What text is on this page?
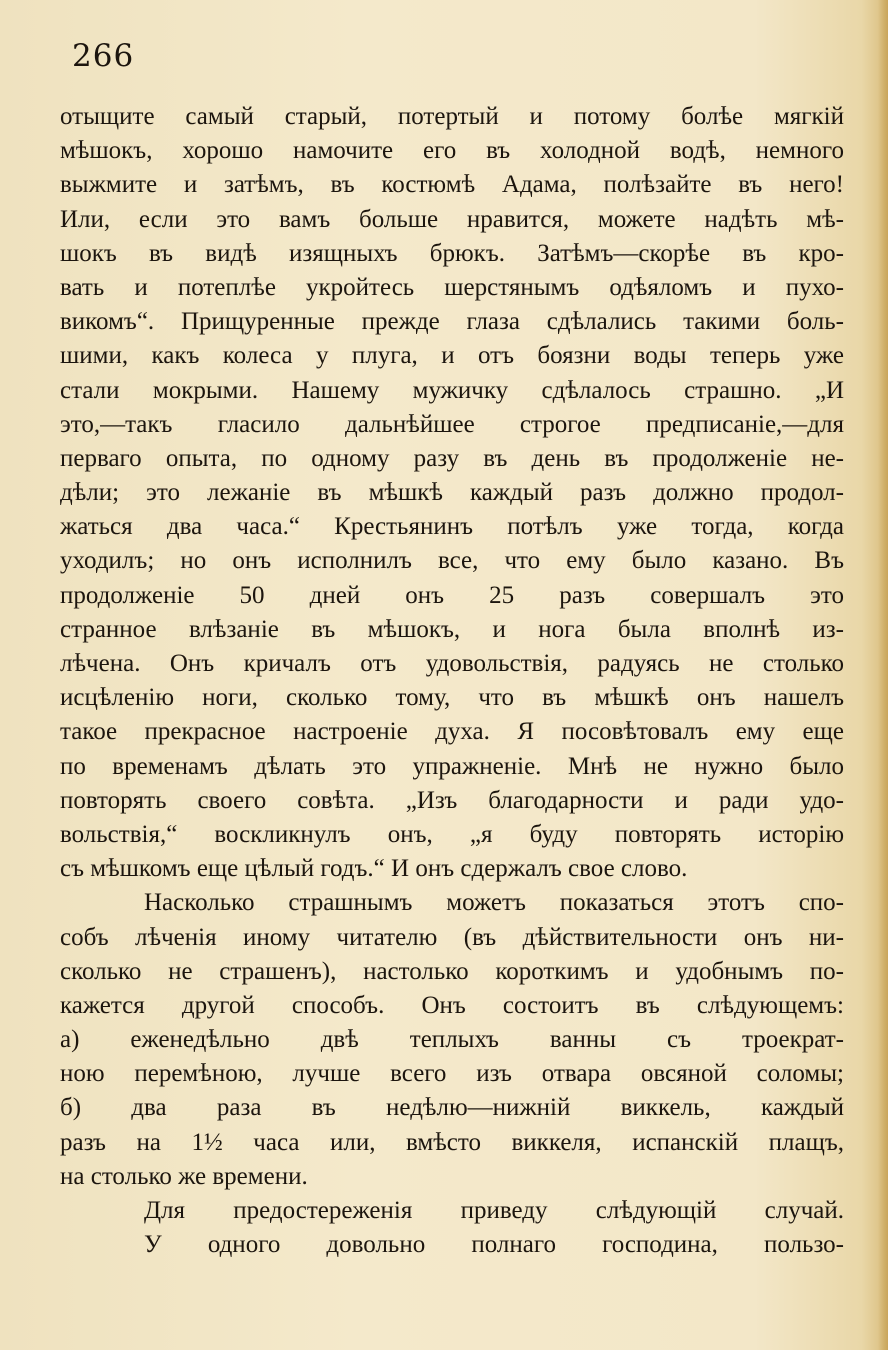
266
отыщите самый старый, потертый и потому болѣе мягкій
мѣшокъ, хорошо намочите его въ холодной водѣ, немного
выжмите и затѣмъ, въ костюмѣ Адама, полѣзайте въ него!
Или, если это вамъ больше нравится, можете надѣть мѣ-
шокъ въ видѣ изящныхъ брюкъ. Затѣмъ—скорѣе въ кро-
вать и потеплѣе укройтесь шерстянымъ одѣяломъ и пухо-
викомъ“. Прищуренные прежде глаза сдѣлались такими боль-
шими, какъ колеса у плуга, и отъ боязни воды теперь уже
стали мокрыми. Нашему мужичку сдѣлалось страшно. „И
это,—такъ гласило дальнѣйшее строгое предписаніе,—для
перваго опыта, по одному разу въ день въ продолженіе не-
дѣли; это лежаніе въ мѣшкѣ каждый разъ должно продол-
жаться два часа.“ Крестьянинъ потѣлъ уже тогда, когда
уходилъ; но онъ исполнилъ все, что ему было казано. Въ
продолженіе 50 дней онъ 25 разъ совершалъ это
странное влѣзаніе въ мѣшокъ, и нога была вполнѣ из-
лѣчена. Онъ кричалъ отъ удовольствія, радуясь не столько
исцѣленію ноги, сколько тому, что въ мѣшкѣ онъ нашелъ
такое прекрасное настроеніе духа. Я посовѣтовалъ ему еще
по временамъ дѣлать это упражненіе. Мнѣ не нужно было
повторять своего совѣта. „Изъ благодарности и ради удо-
вольствія,“ воскликнулъ онъ, „я буду повторять исторію
съ мѣшкомъ еще цѣлый годъ.“ И онъ сдержалъ свое слово.
Насколько страшнымъ можетъ показаться этотъ спо-
собъ лѣченія иному читателю (въ дѣйствительности онъ ни-
сколько не страшенъ), настолько короткимъ и удобнымъ по-
кажется другой способъ. Онъ состоитъ въ слѣдующемъ:
а) еженедѣльно двѣ теплыхъ ванны съ троекрат-
ною перемѣною, лучше всего изъ отвара овсяной соломы;
б) два раза въ недѣлю—нижній виккель, каждый
разъ на 1½ часа или, вмѣсто виккеля, испанскій плащъ,
на столько же времени.
Для предостереженія приведу слѣдующій случай.
У одного довольно полнаго господина, пользо-
